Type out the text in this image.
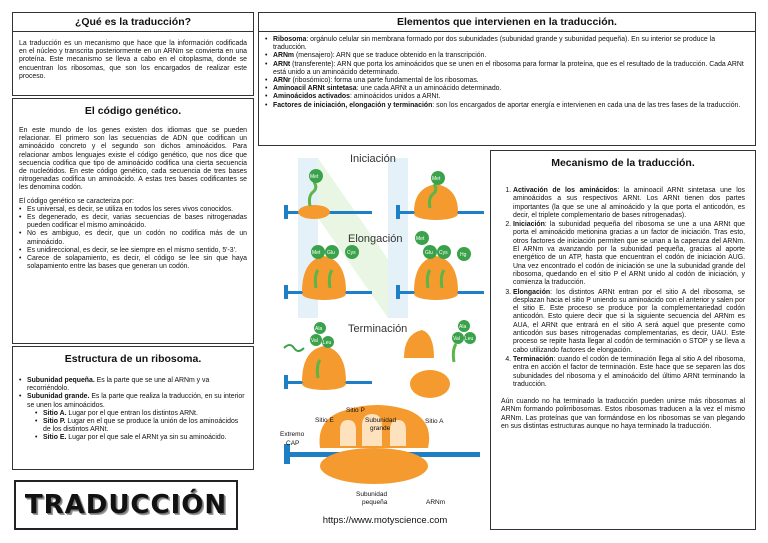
¿Qué es la traducción?
La traducción es un mecanismo que hace que la información codificada en el núcleo y transcrita posteriormente en un ARNm se convierta en una proteína. Este mecanismo se lleva a cabo en el citoplasma, donde se encuentran los ribosomas, que son los encargados de realizar este proceso.
El código genético.

En este mundo de los genes existen dos idiomas que se pueden relacionar. El primero son las secuencias de ADN que codifican un aminoácido concreto y el segundo son dichos aminoácidos. Para relacionar ambos lenguajes existe el código genético, que nos dice que secuencia codifica que tipo de aminoácido codifica una cierta secuencia de nucleótidos. En este código genético, cada secuencia de tres bases nitrogenadas codifica un aminoácido. A estas tres bases codificantes se les denomina codón.

El código genético se caracteriza por:

• Es universal, es decir, se utiliza en todos los seres vivos conocidos.
• Es degenerado, es decir, varias secuencias de bases nitrogenadas pueden codificar el mismo aminoácido.
• No es ambiguo, es decir, que un codón no codifica más de un aminoácido.
• Es unidireccional, es decir, se lee siempre en el mismo sentido, 5'-3'.
• Carece de solapamiento, es decir, el código se lee sin que haya solapamiento entre las bases que generan un codón.
Estructura de un ribosoma.
• Subunidad pequeña. Es la parte que se une al ARNm y va recorriéndolo.
• Subunidad grande. Es la parte que realiza la traducción, en su interior se unen los aminoácidos.
• Sitio A. Lugar por el que entran los distintos ARNt.
• Sitio P. Lugar en el que se produce la unión de los aminoácidos de los distintos ARNt.
• Sitio E. Lugar por el que sale el ARNt ya sin su aminoácido.
TRADUCCIÓN
Elementos que intervienen en la traducción.
• Ribosoma: orgánulo celular sin membrana formado por dos subunidades (subunidad grande y subunidad pequeña). En su interior se produce la traducción.
• ARNm (mensajero): ARN que se traduce obtenido en la transcripción.
• ARNt (transferente): ARN que porta los aminoácidos que se unen en el ribosoma para formar la proteína, que es el resultado de la traducción. Cada ARNt está unido a un aminoácido determinado.
• ARNr (ribosómico): forma una parte fundamental de los ribosomas.
• Aminoacil ARNt sintetasa: une cada ARNt a un aminoácido determinado.
• Aminoácidos activados: aminoácidos unidos a ARNt.
• Factores de iniciación, elongación y terminación: son los encargados de aportar energía e intervienen en cada una de las tres fases de la traducción.
Mecanismo de la traducción.
1. Activación de los aminácidos: la aminoacil ARNt sintetasa une los aminoácidos a sus respectivos ARNt. Los ARNt tienen dos partes importantes (la que se une al aminoácido y la que porta el anticodón, es decir, el triplete complementario de bases nitrogenadas).
2. Iniciación: la subunidad pequeña del ribosoma se une a una ARNt que porta el aminoácido metionina gracias a un factor de iniciación. Tras esto, otros factores de iniciación permiten que se unan a la caperuza del ARNm. El ARNm va avanzando por la subunidad pequeña, gracias al aporte energético de un ATP, hasta que encuentran el codón de iniciación AUG. Una vez encontrado el codón de iniciación se une la subunidad grande del ribosoma, quedando en el sitio P el ARNt unido al codón de iniciación, y comienza la traducción.
3. Elongación: los distintos ARNt entran por el sitio A del ribosoma, se desplazan hacia el sitio P uniendo su aminoácido con el anterior y salen por el sitio E. Este proceso se produce por la complementariedad codón anticodón. Esto quiere decir que si la siguiente secuencia del ARNm es AUA, el ARNt que entrará en el sitio A será aquel que presente como anticodón sus bases nitrogenadas complementarias, es decir, UAU. Este proceso se repite hasta llegar al codón de terminación o STOP y se lleva a cabo utilizando factores de elongación.
4. Terminación: cuando el codón de terminación llega al sitio A del ribosoma, entra en acción el factor de terminación. Este hace que se separen las dos subunidades del ribosoma y el aminoácido del último ARNt terminando la traducción.
Aún cuando no ha terminado la traducción pueden unirse más ribosomas al ARNm formando polirribosomas. Estos ribosomas traducen a la vez el mismo ARNm. Las proteínas que van formándose en los ribosomas se van plegando en sus distintas estructuras aunque no haya terminado la traducción.
Iniciación
Met	Met
Elongación
Met Glu Cys
Met
Glu Cys Hg
Terminación
Ala
Val Leu
Ala
Val Leu
Sitio P
Sitio E	Sitio A
Subunidad
grande
Subunidad
pequeña
Extremo
CAP
ARNm
https://www.motyscience.com
